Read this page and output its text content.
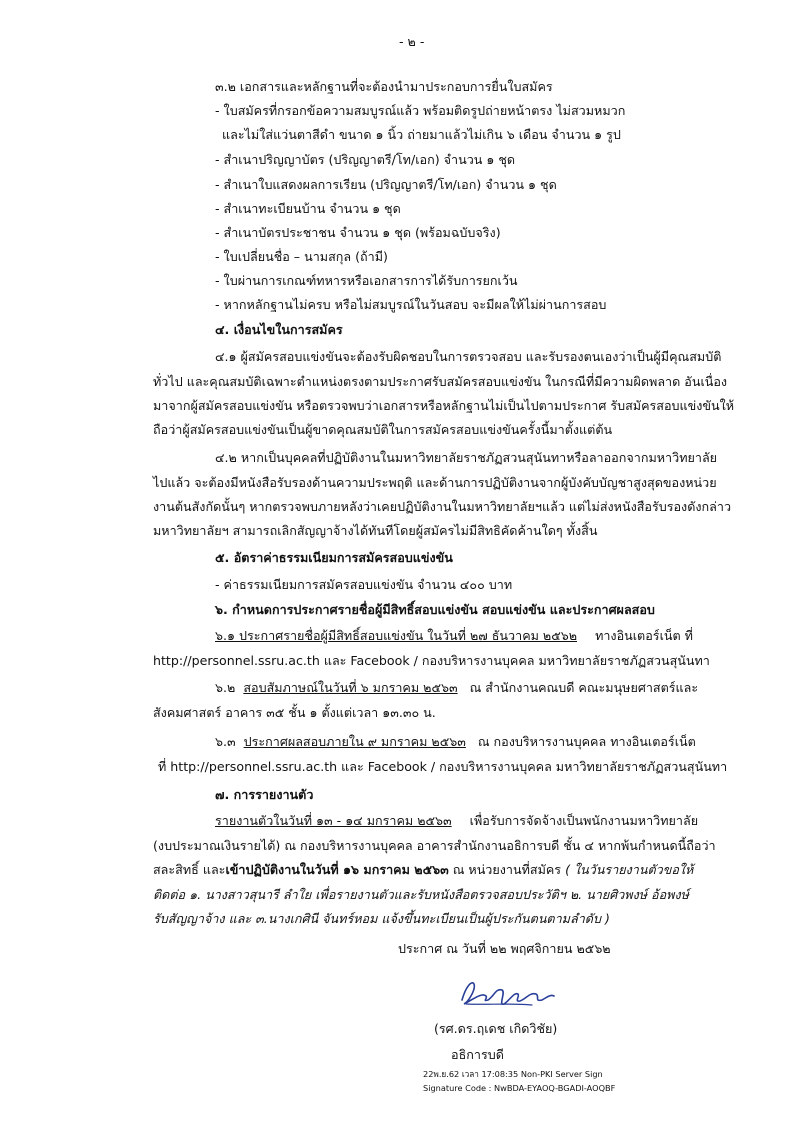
- ๒ -
๓.๒ เอกสารและหลักฐานที่จะต้องนำมาประกอบการยื่นใบสมัคร
- ใบสมัครที่กรอกข้อความสมบูรณ์แล้ว พร้อมติดรูปถ่ายหน้าตรง ไม่สวมหมวก
และไม่ใส่แว่นตาสีดำ ขนาด ๑ นิ้ว ถ่ายมาแล้วไม่เกิน ๖ เดือน จำนวน ๑ รูป
- สำเนาปริญญาบัตร (ปริญญาตรี/โท/เอก) จำนวน ๑ ชุด
- สำเนาใบแสดงผลการเรียน (ปริญญาตรี/โท/เอก) จำนวน ๑ ชุด
- สำเนาทะเบียนบ้าน จำนวน ๑ ชุด
- สำเนาบัตรประชาชน จำนวน ๑ ชุด (พร้อมฉบับจริง)
- ใบเปลี่ยนชื่อ – นามสกุล (ถ้ามี)
- ใบผ่านการเกณฑ์ทหารหรือเอกสารการได้รับการยกเว้น
- หากหลักฐานไม่ครบ หรือไม่สมบูรณ์ในวันสอบ จะมีผลให้ไม่ผ่านการสอบ
๔. เงื่อนไขในการสมัคร
๔.๑ ผู้สมัครสอบแข่งขันจะต้องรับผิดชอบในการตรวจสอบ และรับรองตนเองว่าเป็นผู้มีคุณสมบัติ
ทั่วไป และคุณสมบัติเฉพาะตำแหน่งตรงตามประกาศรับสมัครสอบแข่งขัน ในกรณีที่มีความผิดพลาด อันเนื่อง
มาจากผู้สมัครสอบแข่งขัน หรือตรวจพบว่าเอกสารหรือหลักฐานไม่เป็นไปตามประกาศ รับสมัครสอบแข่งขันให้
ถือว่าผู้สมัครสอบแข่งขันเป็นผู้ขาดคุณสมบัติในการสมัครสอบแข่งขันครั้งนี้มาตั้งแต่ต้น
๔.๒ หากเป็นบุคคลที่ปฏิบัติงานในมหาวิทยาลัยราชภัฏสวนสุนันทาหรือลาออกจากมหาวิทยาลัย
ไปแล้ว จะต้องมีหนังสือรับรองด้านความประพฤติ และด้านการปฏิบัติงานจากผู้บังคับบัญชาสูงสุดของหน่วย
งานต้นสังกัดนั้นๆ หากตรวจพบภายหลังว่าเคยปฏิบัติงานในมหาวิทยาลัยฯแล้ว แต่ไม่ส่งหนังสือรับรองดังกล่าว
มหาวิทยาลัยฯ สามารถเลิกสัญญาจ้างได้ทันทีโดยผู้สมัครไม่มีสิทธิคัดค้านใดๆ ทั้งสิ้น
๕. อัตราค่าธรรมเนียมการสมัครสอบแข่งขัน
- ค่าธรรมเนียมการสมัครสอบแข่งขัน จำนวน ๔๐๐ บาท
๖. กำหนดการประกาศรายชื่อผู้มีสิทธิ์สอบแข่งขัน สอบแข่งขัน และประกาศผลสอบ
๖.๑ ประกาศรายชื่อผู้มีสิทธิ์สอบแข่งขัน ในวันที่ ๒๗ ธันวาคม ๒๕๖๒ ทางอินเตอร์เน็ต ที่
http://personnel.ssru.ac.th และ Facebook / กองบริหารงานบุคคล มหาวิทยาลัยราชภัฏสวนสุนันทา
๖.๒ สอบสัมภาษณ์ในวันที่ ๖ มกราคม ๒๕๖๓ ณ สำนักงานคณบดี คณะมนุษยศาสตร์และ
สังคมศาสตร์ อาคาร ๓๕ ชั้น ๑ ตั้งแต่เวลา ๑๓.๓๐ น.
๖.๓ ประกาศผลสอบภายใน ๙ มกราคม ๒๕๖๓ ณ กองบริหารงานบุคคล ทางอินเตอร์เน็ต
ที่ http://personnel.ssru.ac.th และ Facebook / กองบริหารงานบุคคล มหาวิทยาลัยราชภัฏสวนสุนันทา
๗. การรายงานตัว
รายงานตัวในวันที่ ๑๓ - ๑๔ มกราคม ๒๕๖๓ เพื่อรับการจัดจ้างเป็นพนักงานมหาวิทยาลัย
(งบประมาณเงินรายได้) ณ กองบริหารงานบุคคล อาคารสำนักงานอธิการบดี ชั้น ๔ หากพ้นกำหนดนี้ถือว่า
สละสิทธิ์ และเข้าปฏิบัติงานในวันที่ ๑๖ มกราคม ๒๕๖๓ ณ หน่วยงานที่สมัคร ( ในวันรายงานตัวขอให้
ติดต่อ ๑. นางสาวสุนารี ลำใย เพื่อรายงานตัวและรับหนังสือตรวจสอบประวัติฯ ๒. นายศิวพงษ์ อ้อพงษ์
รับสัญญาจ้าง และ ๓.นางเกศินี จันทร์หอม แจ้งขึ้นทะเบียนเป็นผู้ประกันตนตามลำดับ )
ประกาศ ณ วันที่ ๒๒ พฤศจิกายน ๒๕๖๒
(รศ.ดร.ฤเดช เกิดวิชัย)
อธิการบดี
22พ.ย.62 เวลา 17:08:35 Non-PKI Server Sign
Signature Code : NwBDA-EYAOQ-BGADI-AOQBF
